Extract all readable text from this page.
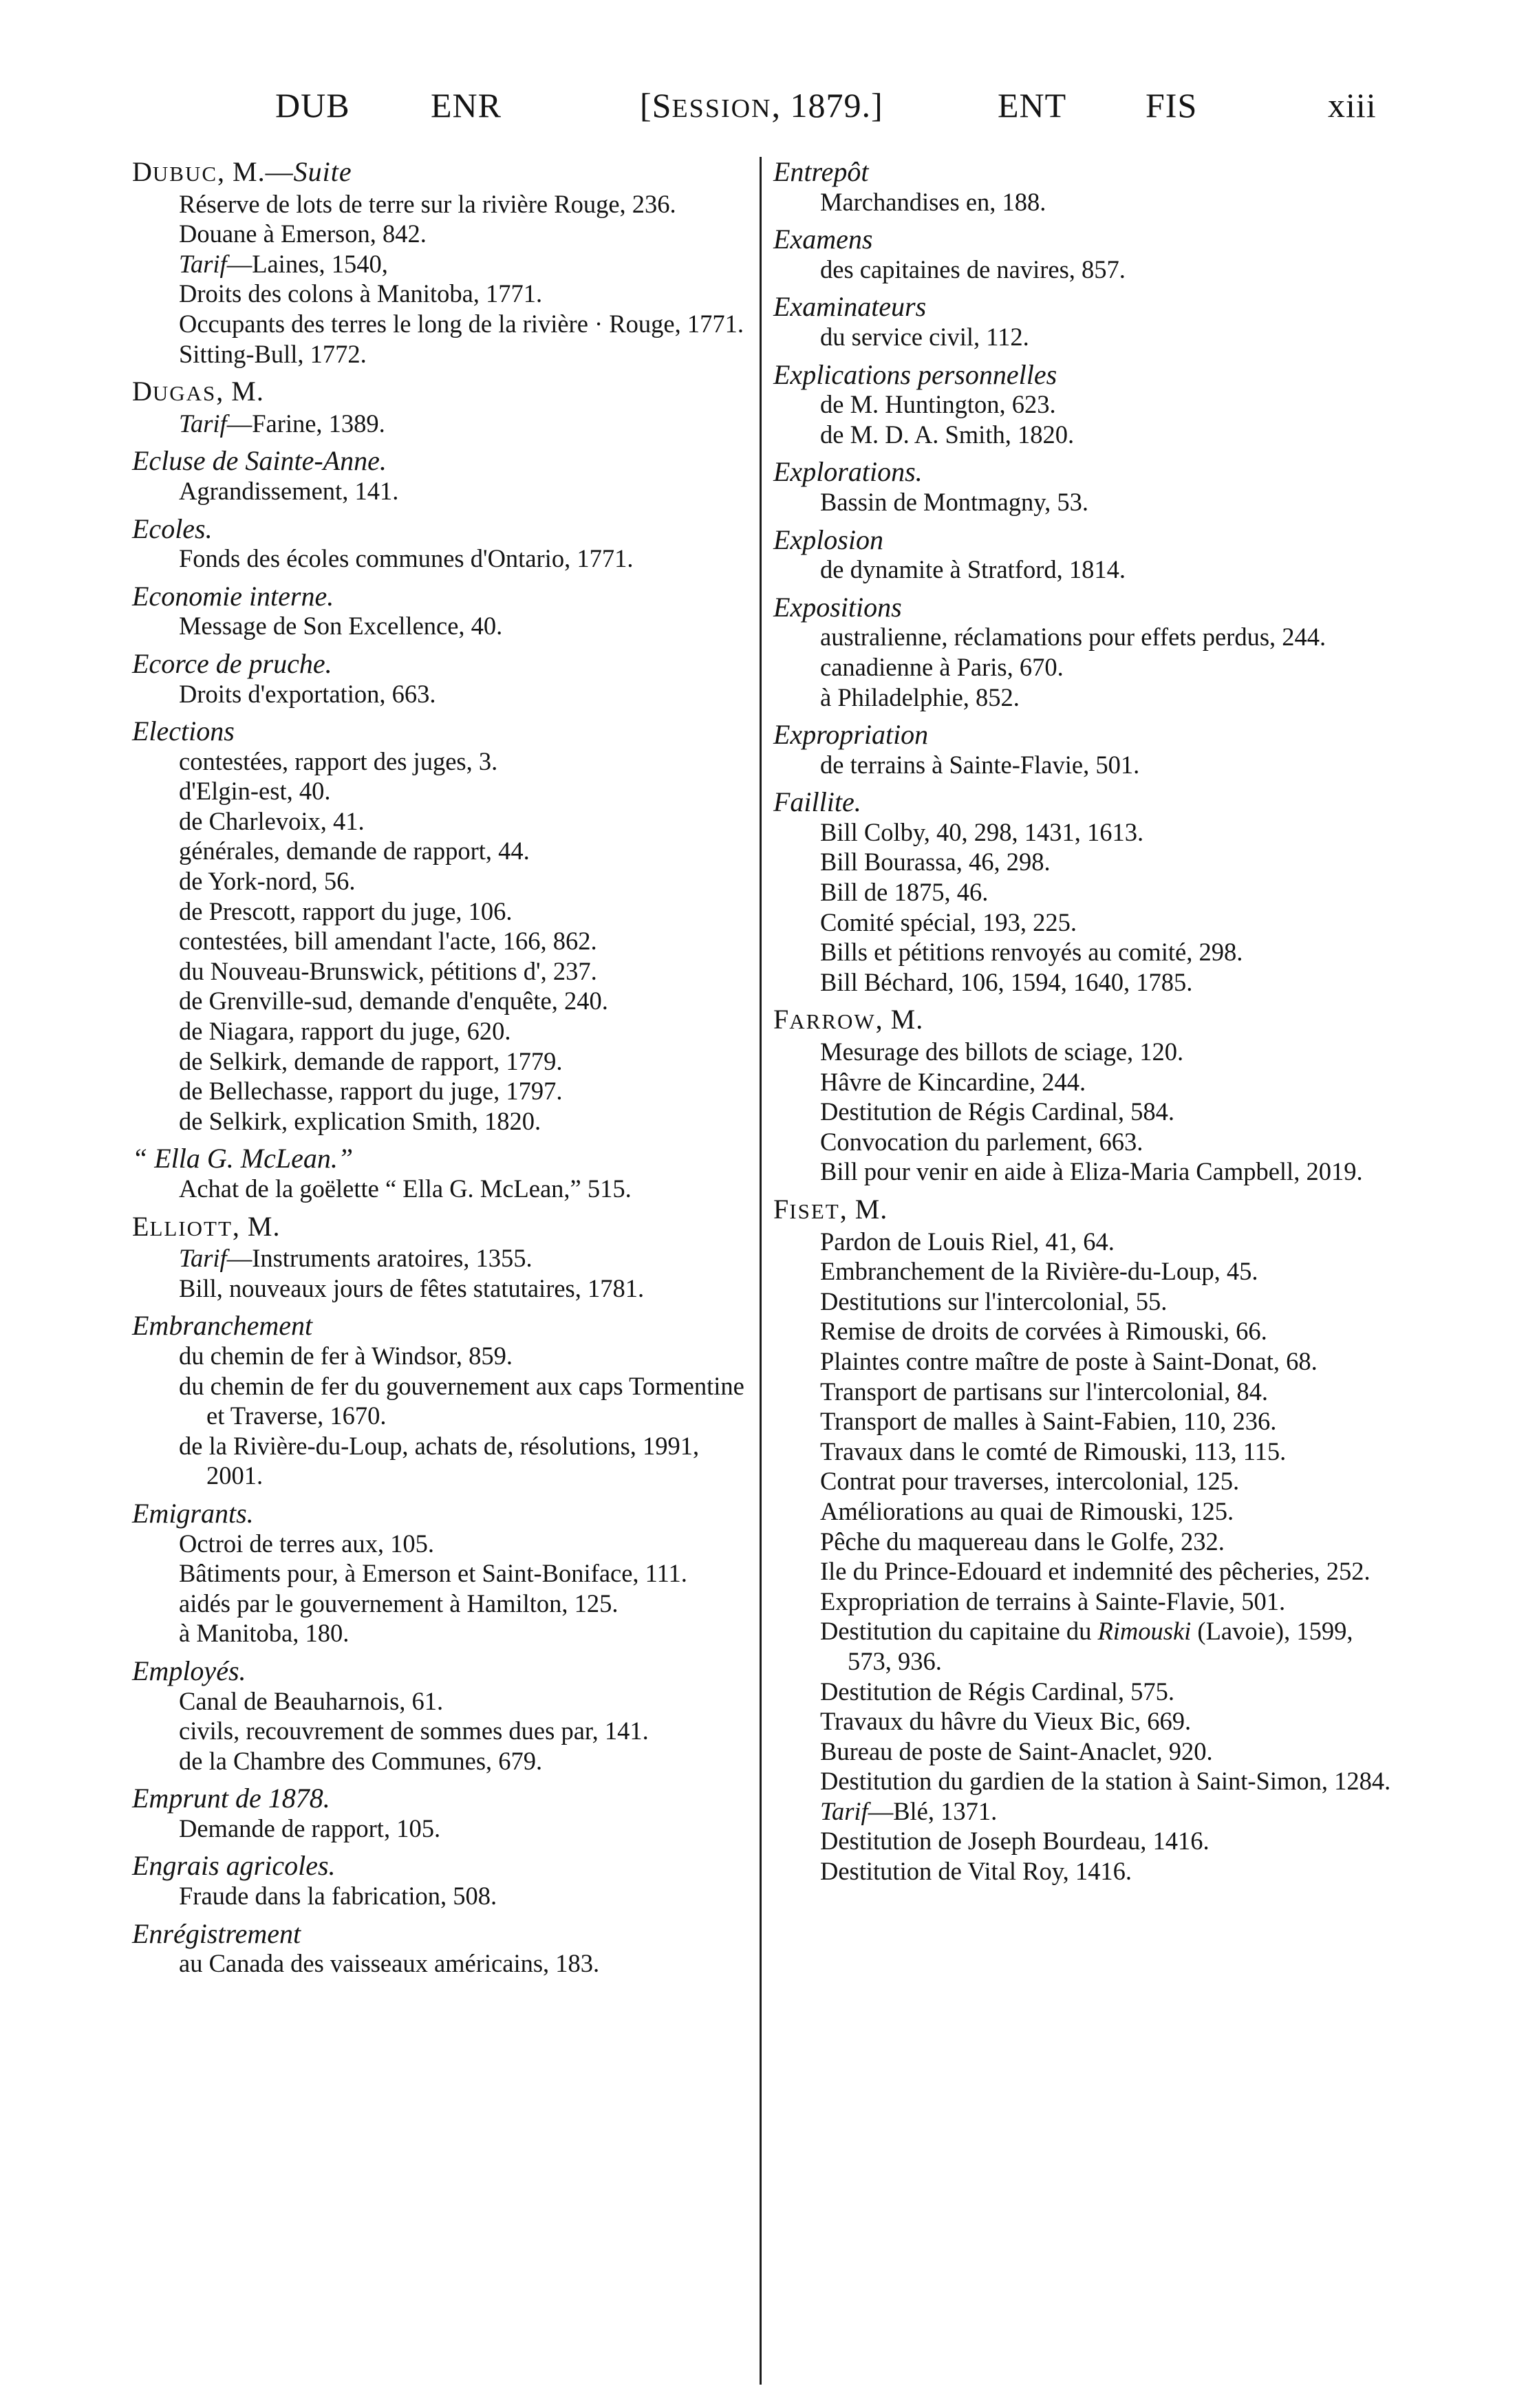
DUB ENR	[SESSION, 1879.]	ENT FIS	xiii
DUBUC, M.—Suite
Réserve de lots de terre sur la rivière Rouge, 236.
Douane à Emerson, 842.
Tarif—Laines, 1540,
Droits des colons à Manitoba, 1771.
Occupants des terres le long de la rivière · Rouge, 1771.
Sitting-Bull, 1772.
DUGAS, M.
Tarif—Farine, 1389.
Ecluse de Sainte-Anne.
Agrandissement, 141.
Ecoles.
Fonds des écoles communes d'Ontario, 1771.
Economie interne.
Message de Son Excellence, 40.
Ecorce de pruche.
Droits d'exportation, 663.
Elections
contestées, rapport des juges, 3.
d'Elgin-est, 40.
de Charlevoix, 41.
générales, demande de rapport, 44.
de York-nord, 56.
de Prescott, rapport du juge, 106.
contestées, bill amendant l'acte, 166, 862.
du Nouveau-Brunswick, pétitions d', 237.
de Grenville-sud, demande d'enquête, 240.
de Niagara, rapport du juge, 620.
de Selkirk, demande de rapport, 1779.
de Bellechasse, rapport du juge, 1797.
de Selkirk, explication Smith, 1820.
“ Ella G. McLean.”
Achat de la goëlette “ Ella G. McLean,” 515.
ELLIOTT, M.
Tarif—Instruments aratoires, 1355.
Bill, nouveaux jours de fêtes statutaires, 1781.
Embranchement
du chemin de fer à Windsor, 859.
du chemin de fer du gouvernement aux caps Tormentine et Traverse, 1670.
de la Rivière-du-Loup, achats de, résolutions, 1991, 2001.
Emigrants.
Octroi de terres aux, 105.
Bâtiments pour, à Emerson et Saint-Boniface, 111.
aidés par le gouvernement à Hamilton, 125.
à Manitoba, 180.
Employés.
Canal de Beauharnois, 61.
civils, recouvrement de sommes dues par, 141.
de la Chambre des Communes, 679.
Emprunt de 1878.
Demande de rapport, 105.
Engrais agricoles.
Fraude dans la fabrication, 508.
Enrégistrement
au Canada des vaisseaux américains, 183.
Entrepôt
Marchandises en, 188.
Examens
des capitaines de navires, 857.
Examinateurs
du service civil, 112.
Explications personnelles
de M. Huntington, 623.
de M. D. A. Smith, 1820.
Explorations.
Bassin de Montmagny, 53.
Explosion
de dynamite à Stratford, 1814.
Expositions
australienne, réclamations pour effets perdus, 244.
canadienne à Paris, 670.
à Philadelphie, 852.
Expropriation
de terrains à Sainte-Flavie, 501.
Faillite.
Bill Colby, 40, 298, 1431, 1613.
Bill Bourassa, 46, 298.
Bill de 1875, 46.
Comité spécial, 193, 225.
Bills et pétitions renvoyés au comité, 298.
Bill Béchard, 106, 1594, 1640, 1785.
FARROW, M.
Mesurage des billots de sciage, 120.
Hâvre de Kincardine, 244.
Destitution de Régis Cardinal, 584.
Convocation du parlement, 663.
Bill pour venir en aide à Eliza-Maria Campbell, 2019.
FISET, M.
Pardon de Louis Riel, 41, 64.
Embranchement de la Rivière-du-Loup, 45.
Destitutions sur l'intercolonial, 55.
Remise de droits de corvées à Rimouski, 66.
Plaintes contre maître de poste à Saint-Donat, 68.
Transport de partisans sur l'intercolonial, 84.
Transport de malles à Saint-Fabien, 110, 236.
Travaux dans le comté de Rimouski, 113, 115.
Contrat pour traverses, intercolonial, 125.
Améliorations au quai de Rimouski, 125.
Pêche du maquereau dans le Golfe, 232.
Ile du Prince-Edouard et indemnité des pêcheries, 252.
Expropriation de terrains à Sainte-Flavie, 501.
Destitution du capitaine du Rimouski (Lavoie), 1599, 573, 936.
Destitution de Régis Cardinal, 575.
Travaux du hâvre du Vieux Bic, 669.
Bureau de poste de Saint-Anaclet, 920.
Destitution du gardien de la station à Saint-Simon, 1284.
Tarif—Blé, 1371.
Destitution de Joseph Bourdeau, 1416.
Destitution de Vital Roy, 1416.
